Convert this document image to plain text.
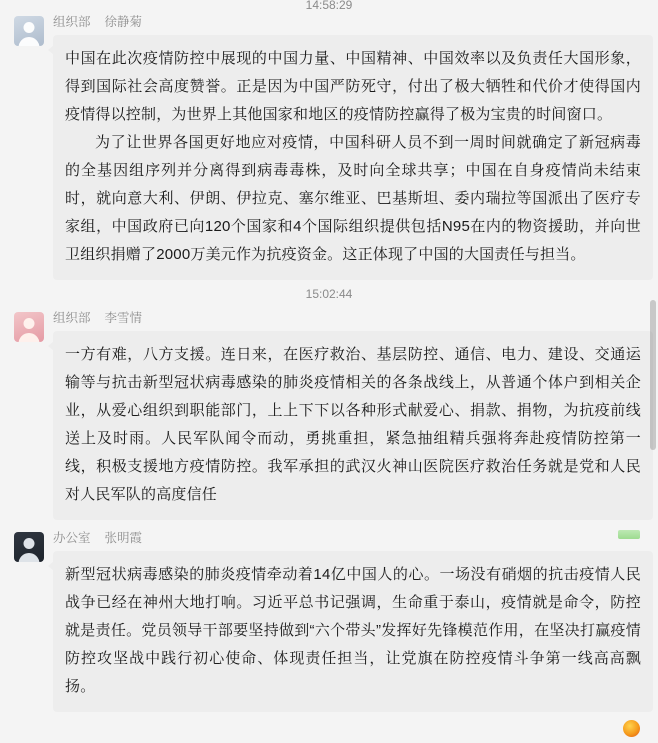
14:58:29
组织部 徐静菊

中国在此次疫情防控中展现的中国力量、中国精神、中国效率以及负责任大国形象，得到国际社会高度赞誉。正是因为中国严防死守，付出了极大牺牲和代价才使得国内疫情得以控制，为世界上其他国家和地区的疫情防控赢得了极为宝贵的时间窗口。

为了让世界各国更好地应对疫情，中国科研人员不到一周时间就确定了新冠病毒的全基因组序列并分离得到病毒毒株，及时向全球共享；中国在自身疫情尚未结束时，就向意大利、伊朗、伊拉克、塞尔维亚、巴基斯坦、委内瑞拉等国派出了医疗专家组，中国政府已向120个国家和4个国际组织提供包括N95在内的物资援助，并向世卫组织捐赠了2000万美元作为抗疫资金。这正体现了中国的大国责任与担当。

15:02:44
组织部 李雪情

一方有难，八方支援。连日来，在医疗救治、基层防控、通信、电力、建设、交通运输等与抗击新型冠状病毒感染的肺炎疫情相关的各条战线上，从普通个体户到相关企业，从爱心组织到职能部门，上上下下以各种形式献爱心、捐款、捐物，为抗疫前线送上及时雨。人民军队闻令而动，勇挑重担，紧急抽组精兵强将奔赴疫情防控第一线，积极支援地方疫情防控。我军承担的武汉火神山医院医疗救治任务就是党和人民对人民军队的高度信任

办公室 张明霞

新型冠状病毒感染的肺炎疫情牵动着14亿中国人的心。一场没有硝烟的抗击疫情人民战争已经在神州大地打响。习近平总书记强调，生命重于泰山，疫情就是命令，防控就是责任。党员领导干部要坚持做到“六个带头”发挥好先锋模范作用，在坚决打赢疫情防控攻坚战中践行初心使命、体现责任担当，让党旗在防控疫情斗争第一线高高飘扬。
